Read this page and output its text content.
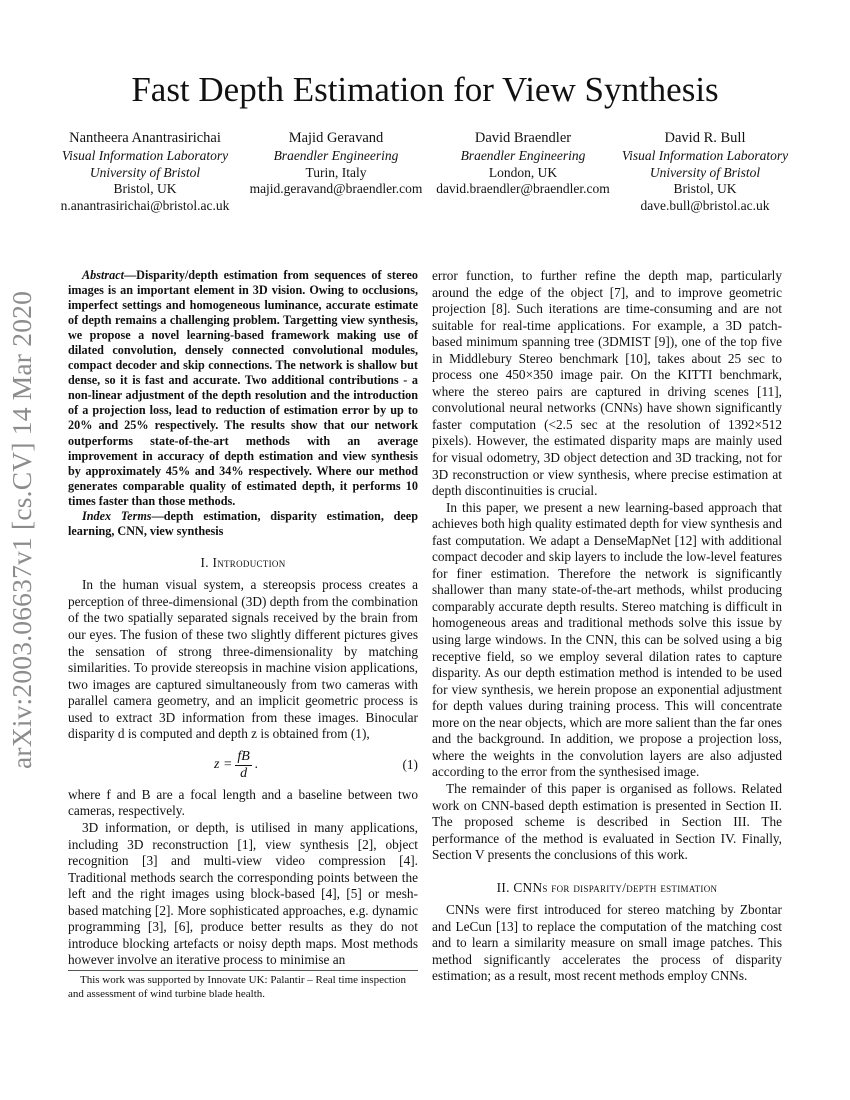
Fast Depth Estimation for View Synthesis
Nantheera Anantrasirichai
Visual Information Laboratory
University of Bristol
Bristol, UK
n.anantrasirichai@bristol.ac.uk
Majid Geravand
Braendler Engineering
Turin, Italy
majid.geravand@braendler.com
David Braendler
Braendler Engineering
London, UK
david.braendler@braendler.com
David R. Bull
Visual Information Laboratory
University of Bristol
Bristol, UK
dave.bull@bristol.ac.uk
arXiv:2003.06637v1 [cs.CV] 14 Mar 2020

Abstract—Disparity/depth estimation from sequences of stereo images is an important element in 3D vision. Owing to occlusions, imperfect settings and homogeneous luminance, accurate estimate of depth remains a challenging problem. Targetting view synthesis, we propose a novel learning-based framework making use of dilated convolution, densely connected convolutional modules, compact decoder and skip connections. The network is shallow but dense, so it is fast and accurate. Two additional contributions - a non-linear adjustment of the depth resolution and the introduction of a projection loss, lead to reduction of estimation error by up to 20% and 25% respectively. The results show that our network outperforms state-of-the-art methods with an average improvement in accuracy of depth estimation and view synthesis by approximately 45% and 34% respectively. Where our method generates comparable quality of estimated depth, it performs 10 times faster than those methods.

Index Terms—depth estimation, disparity estimation, deep learning, CNN, view synthesis

I. Introduction

In the human visual system, a stereopsis process creates a perception of three-dimensional (3D) depth from the combination of the two spatially separated signals received by the brain from our eyes. The fusion of these two slightly different pictures gives the sensation of strong three-dimensionality by matching similarities. To provide stereopsis in machine vision applications, two images are captured simultaneously from two cameras with parallel camera geometry, and an implicit geometric process is used to extract 3D information from these images. Binocular disparity d is computed and depth z is obtained from (1),

$z = \frac{fB}{d}$ .	(1)

where f and B are a focal length and a baseline between two cameras, respectively.

3D information, or depth, is utilised in many applications, including 3D reconstruction [1], view synthesis [2], object recognition [3] and multi-view video compression [4]. Traditional methods search the corresponding points between the left and the right images using block-based [4], [5] or mesh-based matching [2]. More sophisticated approaches, e.g. dynamic programming [3], [6], produce better results as they do not introduce blocking artefacts or noisy depth maps. Most methods however involve an iterative process to minimise an

error function, to further refine the depth map, particularly around the edge of the object [7], and to improve geometric projection [8]. Such iterations are time-consuming and are not suitable for real-time applications. For example, a 3D patch-based minimum spanning tree (3DMIST [9]), one of the top five in Middlebury Stereo benchmark [10], takes about 25 sec to process one 450×350 image pair. On the KITTI benchmark, where the stereo pairs are captured in driving scenes [11], convolutional neural networks (CNNs) have shown significantly faster computation (<2.5 sec at the resolution of 1392×512 pixels). However, the estimated disparity maps are mainly used for visual odometry, 3D object detection and 3D tracking, not for 3D reconstruction or view synthesis, where precise estimation at depth discontinuities is crucial.

In this paper, we present a new learning-based approach that achieves both high quality estimated depth for view synthesis and fast computation. We adapt a DenseMapNet [12] with additional compact decoder and skip layers to include the low-level features for finer estimation. Therefore the network is significantly shallower than many state-of-the-art methods, whilst producing comparably accurate depth results. Stereo matching is difficult in homogeneous areas and traditional methods solve this issue by using large windows. In the CNN, this can be solved using a big receptive field, so we employ several dilation rates to capture disparity. As our depth estimation method is intended to be used for view synthesis, we herein propose an exponential adjustment for depth values during training process. This will concentrate more on the near objects, which are more salient than the far ones and the background. In addition, we propose a projection loss, where the weights in the convolution layers are also adjusted according to the error from the synthesised image.

The remainder of this paper is organised as follows. Related work on CNN-based depth estimation is presented in Section II. The proposed scheme is described in Section III. The performance of the method is evaluated in Section IV. Finally, Section V presents the conclusions of this work.

II. CNNs for disparity/depth estimation

CNNs were first introduced for stereo matching by Zbontar and LeCun [13] to replace the computation of the matching cost and to learn a similarity measure on small image patches. This method significantly accelerates the process of disparity estimation; as a result, most recent methods employ CNNs.

This work was supported by Innovate UK: Palantir – Real time inspection and assessment of wind turbine blade health.
